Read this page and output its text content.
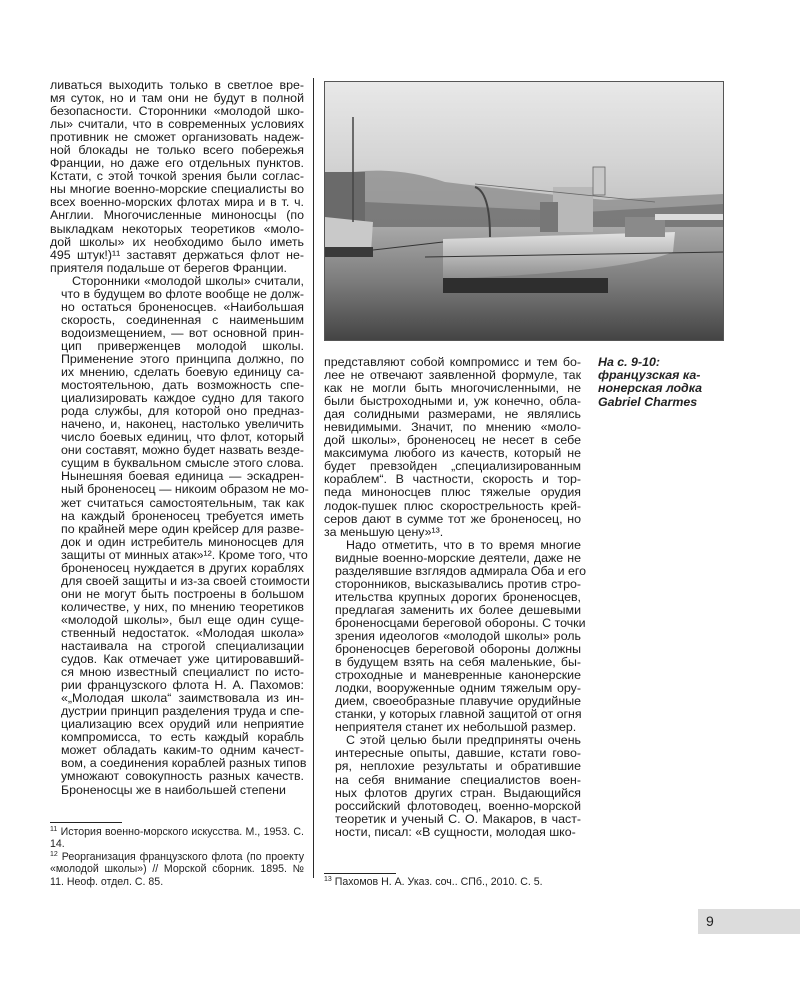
ливаться выходить только в светлое вре-
мя суток, но и там они не будут в полной
безопасности. Сторонники «молодой шко-
лы» считали, что в современных условиях
противник не сможет организовать надеж-
ной блокады не только всего побережья
Франции, но даже его отдельных пунктов.
Кстати, с этой точкой зрения были соглас-
ны многие военно-морские специалисты во
всех военно-морских флотах мира и в т. ч.
Англии. Многочисленные миноносцы (по
выкладкам некоторых теоретиков «моло-
дой школы» их необходимо было иметь
495 штук!)¹¹ заставят держаться флот не-
приятеля подальше от берегов Франции.

Сторонники «молодой школы» считали,
что в будущем во флоте вообще не долж-
но остаться броненосцев. «Наибольшая
скорость, соединенная с наименьшим
водоизмещением, — вот основной прин-
цип приверженцев молодой школы.
Применение этого принципа должно, по
их мнению, сделать боевую единицу са-
мостоятельною, дать возможность спе-
циализировать каждое судно для такого
рода службы, для которой оно предназ-
начено, и, наконец, настолько увеличить
число боевых единиц, что флот, который
они составят, можно будет назвать везде-
сущим в буквальном смысле этого слова.
Нынешняя боевая единица — эскадрен-
ный броненосец — никоим образом не мо-
жет считаться самостоятельным, так как
на каждый броненосец требуется иметь
по крайней мере один крейсер для разве-
док и один истребитель миноносцев для
защиты от минных атак»¹². Кроме того, что
броненосец нуждается в других кораблях
для своей защиты и из-за своей стоимости
они не могут быть построены в большом
количестве, у них, по мнению теоретиков
«молодой школы», был еще один суще-
ственный недостаток. «Молодая школа»
настаивала на строгой специализации
судов. Как отмечает уже цитировавший-
ся мною известный специалист по исто-
рии французского флота Н. А. Пахомов:
«„Молодая школа“ заимствовала из ин-
дустрии принцип разделения труда и спе-
циализацию всех орудий или неприятие
компромисса, то есть каждый корабль
может обладать каким-то одним качест-
вом, а соединения кораблей разных типов
умножают совокупность разных качеств.
Броненосцы же в наибольшей степени

$^{11}$ История военно-морского искусства. М., 1953. С. 14.

$^{12}$ Реорганизация французского флота (по проекту «молодой школы») // Морской сборник. 1895. № 11. Неоф. отдел. С. 85.

На с. 9-10:
французская ка-
нонерская лодка
Gabriel Charmes

представляют собой компромисс и тем бо-
лее не отвечают заявленной формуле, так
как не могли быть многочисленными, не
были быстроходными и, уж конечно, обла-
дая солидными размерами, не являлись
невидимыми. Значит, по мнению «моло-
дой школы», броненосец не несет в себе
максимума любого из качеств, который не
будет превзойден „специализированным
кораблем“. В частности, скорость и тор-
педа миноносцев плюс тяжелые орудия
лодок-пушек плюс скорострельность крей-
серов дают в сумме тот же броненосец, но
за меньшую цену»¹³.

Надо отметить, что в то время многие
видные военно-морские деятели, даже не
разделявшие взглядов адмирала Оба и его
сторонников, высказывались против стро-
ительства крупных дорогих броненосцев,
предлагая заменить их более дешевыми
броненосцами береговой обороны. С точки
зрения идеологов «молодой школы» роль
броненосцев береговой обороны должны
в будущем взять на себя маленькие, бы-
строходные и маневренные канонерские
лодки, вооруженные одним тяжелым ору-
дием, своеобразные плавучие орудийные
станки, у которых главной защитой от огня
неприятеля станет их небольшой размер.

С этой целью были предприняты очень
интересные опыты, давшие, кстати гово-
ря, неплохие результаты и обратившие
на себя внимание специалистов воен-
ных флотов других стран. Выдающийся
российский флотоводец, военно-морской
теоретик и ученый С. О. Макаров, в част-
ности, писал: «В сущности, молодая шко-

$^{13}$ Пахомов Н. А. Указ. соч.. СПб., 2010. С. 5.

9
